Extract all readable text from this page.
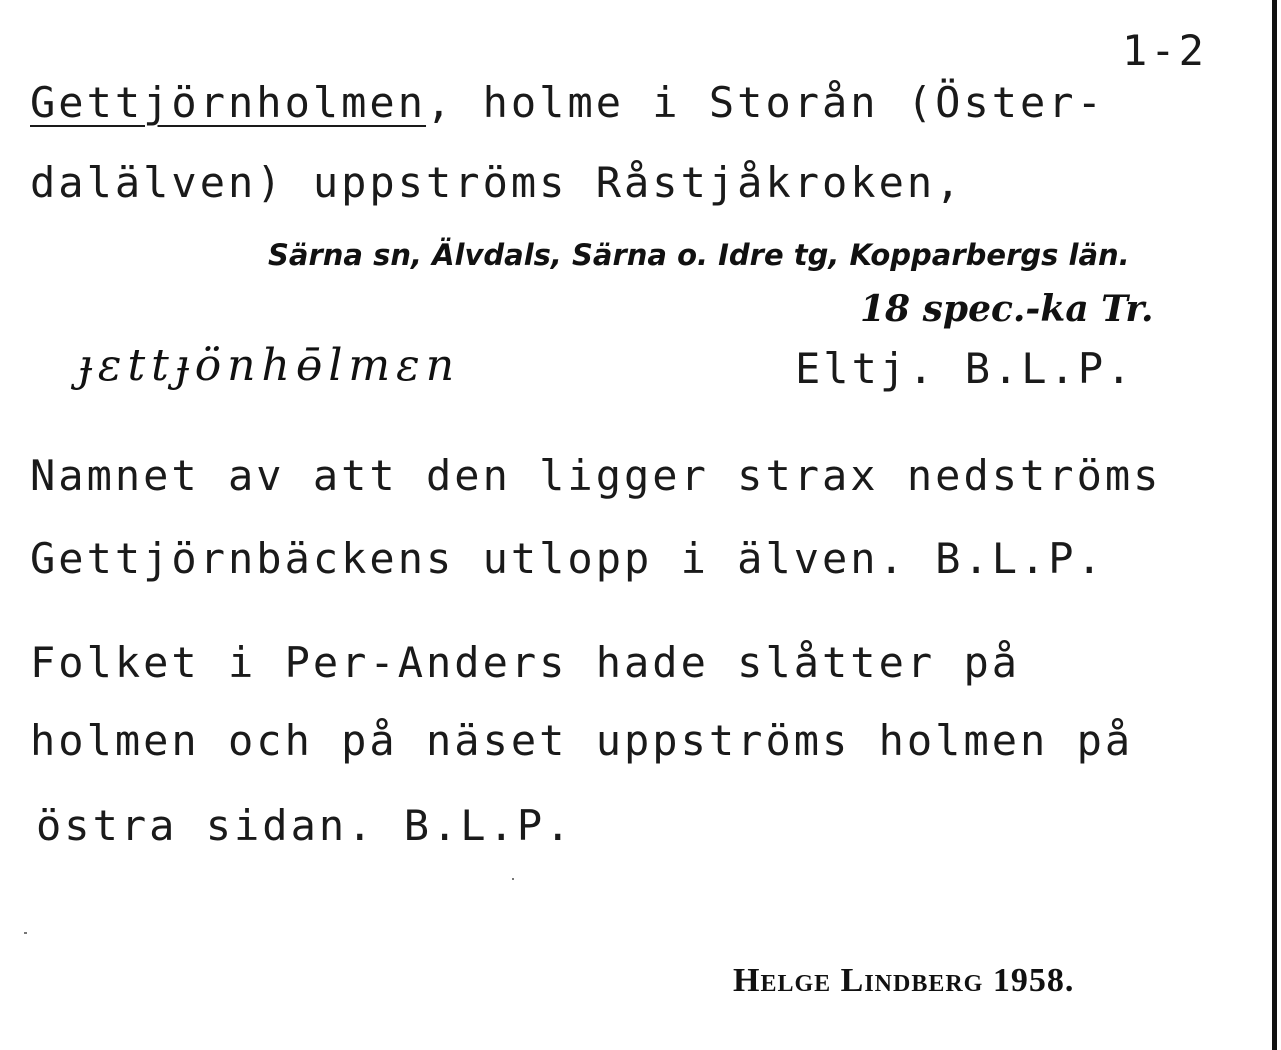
1-2
Gettjörnholmen, holme i Storån (Öster-
dalälven) uppströms Råstjåkroken,
Särna sn, Älvdals, Särna o. Idre tg, Kopparbergs län.
18 spec.-ka Tr.
ɟɛttɟönhɵ̄lmɛn	Eltj. B.L.P.
Namnet av att den ligger strax nedströms
Gettjörnbäckens utlopp i älven. B.L.P.
Folket i Per-Anders hade slåtter på
holmen och på näset uppströms holmen på
östra sidan. B.L.P.
Helge Lindberg 1958.
